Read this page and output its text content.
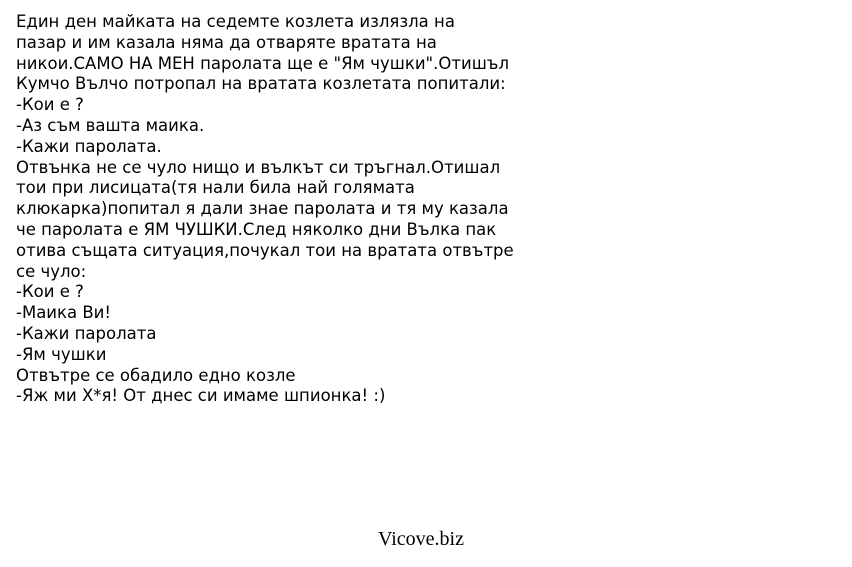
Един ден майката на седемте козлета излязла на
пазар и им казала няма да отваряте вратата на
никои.САМО НА МЕН паролата ще е "Ям чушки".Отишъл
Кумчо Вълчо потропал на вратата козлетата попитали:
-Кои е ?
-Аз съм вашта маика.
-Кажи паролата.
Отвънка не се чуло нищо и вълкът си тръгнал.Отишал
тои при лисицата(тя нали била най голямата
клюкарка)попитал я дали знае паролата и тя му казала
че паролата е ЯМ ЧУШКИ.След няколко дни Вълка пак
отива същата ситуация,почукал тои на вратата отвътре
се чуло:
-Кои е ?
-Маика Ви!
-Кажи паролата
-Ям чушки
Отвътре се обадило едно козле
-Яж ми Х*я! От днес си имаме шпионка! :)
Vicove.biz
